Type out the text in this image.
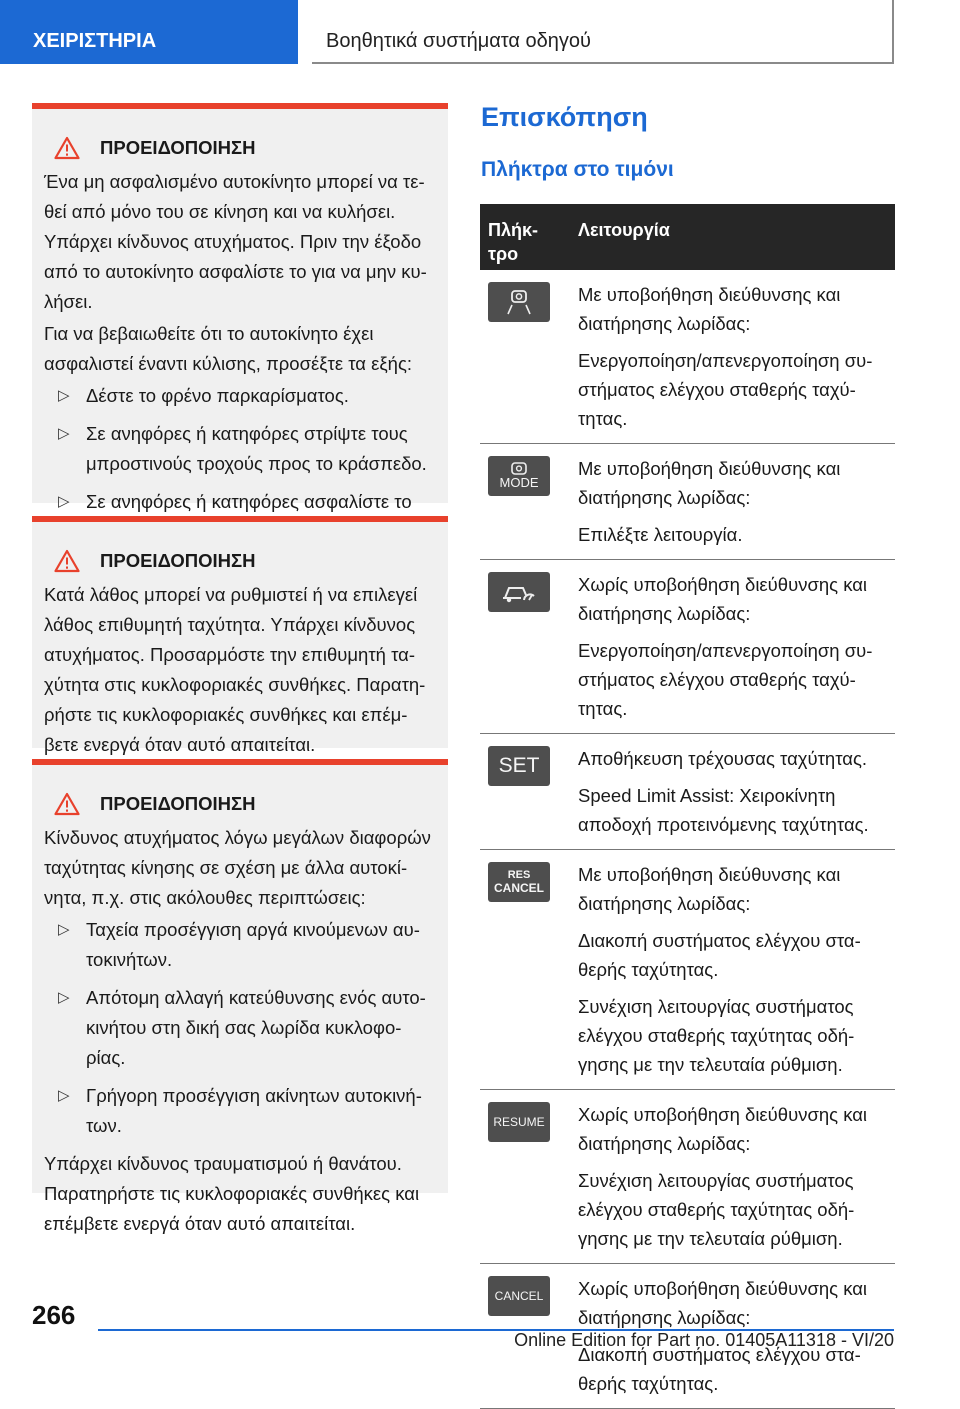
ΧΕΙΡΙΣΤΗΡΙΑ	Βοηθητικά συστήματα οδηγού
ΠΡΟΕΙΔΟΠΟΙΗΣΗ

Ένα μη ασφαλισμένο αυτοκίνητο μπορεί να τε-θεί από μόνο του σε κίνηση και να κυλήσει. Υπάρχει κίνδυνος ατυχήματος. Πριν την έξοδο από το αυτοκίνητο ασφαλίστε το για να μην κυ-λήσει.

Για να βεβαιωθείτε ότι το αυτοκίνητο έχει ασφαλιστεί έναντι κύλισης, προσέξτε τα εξής:

▷ Δέστε το φρένο παρκαρίσματος.
▷ Σε ανηφόρες ή κατηφόρες στρίψτε τους μπροστινούς τροχούς προς το κράσπεδο.
▷ Σε ανηφόρες ή κατηφόρες ασφαλίστε το
ΠΡΟΕΙΔΟΠΟΙΗΣΗ

Κατά λάθος μπορεί να ρυθμιστεί ή να επιλεγεί λάθος επιθυμητή ταχύτητα. Υπάρχει κίνδυνος ατυχήματος. Προσαρμόστε την επιθυμητή τα-χύτητα στις κυκλοφοριακές συνθήκες. Παρατη-ρήστε τις κυκλοφοριακές συνθήκες και επέμ-βετε ενεργά όταν αυτό απαιτείται.

ΠΡΟΕΙΔΟΠΟΙΗΣΗ

Κίνδυνος ατυχήματος λόγω μεγάλων διαφορών ταχύτητας κίνησης σε σχέση με άλλα αυτοκί-νητα, π.χ. στις ακόλουθες περιπτώσεις:

▷ Ταχεία προσέγγιση αργά κινούμενων αυ-τοκινήτων.
▷ Απότομη αλλαγή κατεύθυνσης ενός αυτο-κινήτου στη δική σας λωρίδα κυκλοφο-ρίας.
▷ Γρήγορη προσέγγιση ακίνητων αυτοκινή-των.

Υπάρχει κίνδυνος τραυματισμού ή θανάτου. Παρατηρήστε τις κυκλοφοριακές συνθήκες και επέμβετε ενεργά όταν αυτό απαιτείται.

Επισκόπηση
Πλήκτρα στο τιμόνι
Πλήκ-τρο
Λειτουργία

Με υποβοήθηση διεύθυνσης και διατήρησης λωρίδας:

Ενεργοποίηση/απενεργοποίηση συ-στήματος ελέγχου σταθερής ταχύ-τητας.

MODE

Με υποβοήθηση διεύθυνσης και διατήρησης λωρίδας:

Επιλέξτε λειτουργία.

Χωρίς υποβοήθηση διεύθυνσης και διατήρησης λωρίδας:

Ενεργοποίηση/απενεργοποίηση συ-στήματος ελέγχου σταθερής ταχύ-τητας.

SET Αποθήκευση τρέχουσας ταχύτητας.

Speed Limit Assist: Χειροκίνητη αποδοχή προτεινόμενης ταχύτητας.

RES
CANCEL

Με υποβοήθηση διεύθυνσης και διατήρησης λωρίδας:

Διακοπή συστήματος ελέγχου στα-θερής ταχύτητας.

Συνέχιση λειτουργίας συστήματος ελέγχου σταθερής ταχύτητας οδή-γησης με την τελευταία ρύθμιση.

RESUME Χωρίς υποβοήθηση διεύθυνσης και διατήρησης λωρίδας:

Συνέχιση λειτουργίας συστήματος ελέγχου σταθερής ταχύτητας οδή-γησης με την τελευταία ρύθμιση.

CANCEL Χωρίς υποβοήθηση διεύθυνσης και διατήρησης λωρίδας:

Διακοπή συστήματος ελέγχου στα-θερής ταχύτητας.

266
Online Edition for Part no. 01405A11318 - VI/20
